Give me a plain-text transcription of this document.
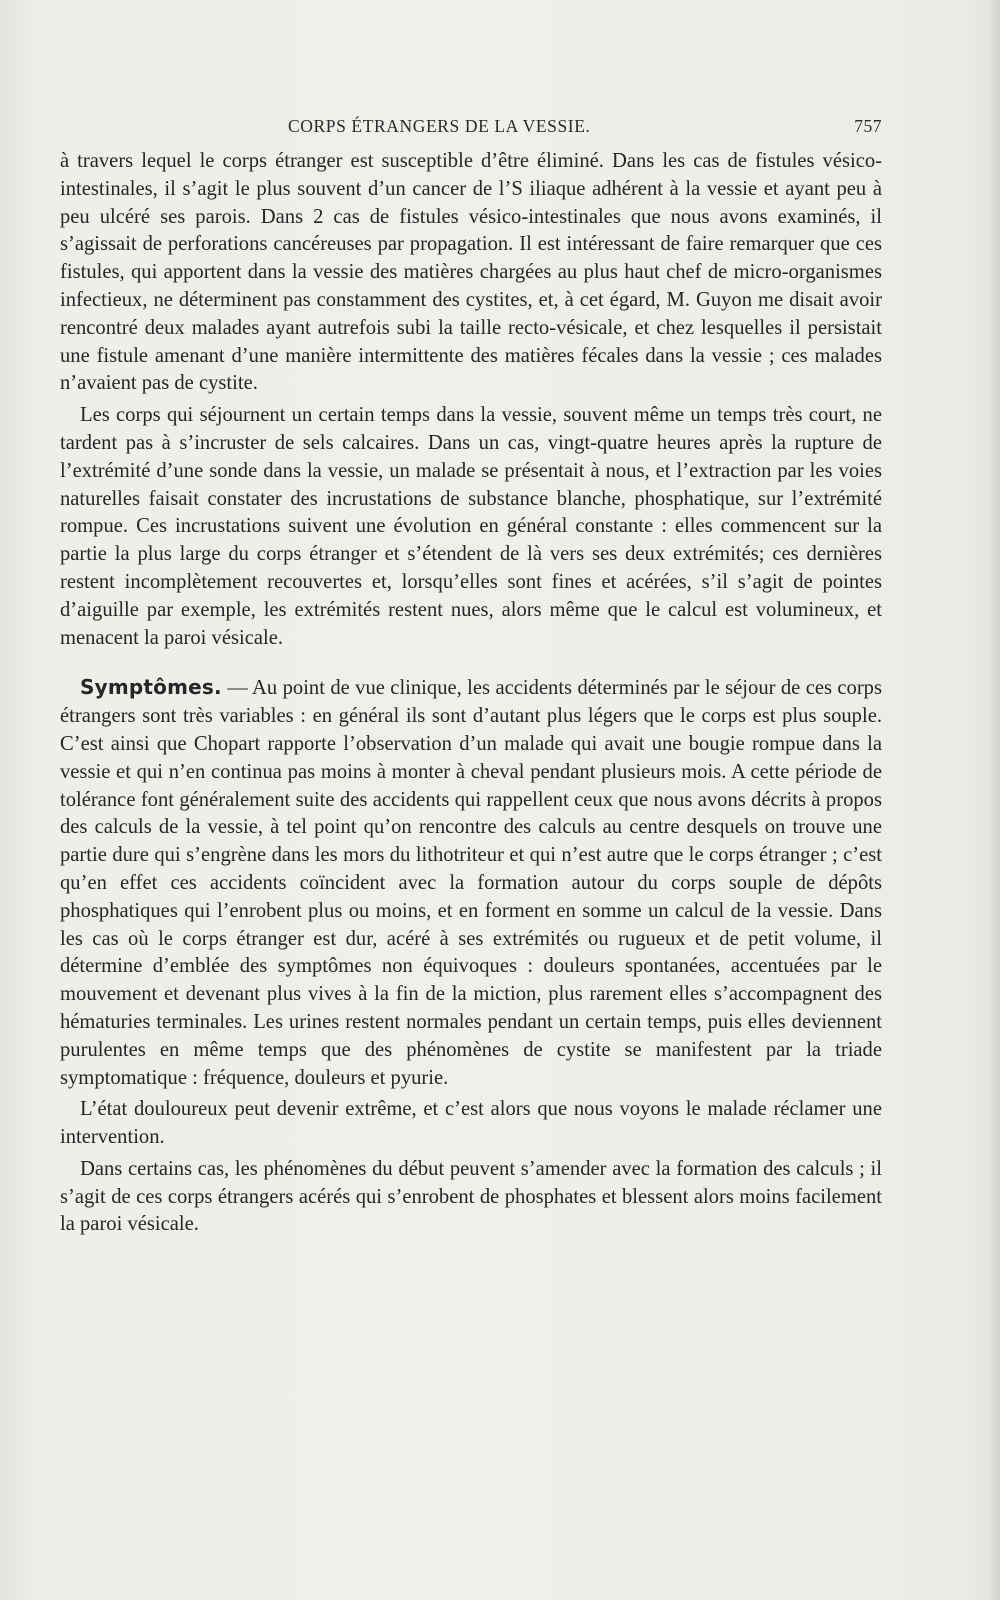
CORPS ÉTRANGERS DE LA VESSIE.	757

à travers lequel le corps étranger est susceptible d’être éliminé. Dans les cas de fistules vésico-intestinales, il s’agit le plus souvent d’un cancer de l’S iliaque adhérent à la vessie et ayant peu à peu ulcéré ses parois. Dans 2 cas de fistules vésico-intestinales que nous avons examinés, il s’agissait de perforations cancéreuses par propagation. Il est intéressant de faire remarquer que ces fistules, qui apportent dans la vessie des matières chargées au plus haut chef de micro-organismes infectieux, ne déterminent pas constamment des cystites, et, à cet égard, M. Guyon me disait avoir rencontré deux malades ayant autrefois subi la taille recto-vésicale, et chez lesquelles il persistait une fistule amenant d’une manière intermittente des matières fécales dans la vessie ; ces malades n’avaient pas de cystite.

Les corps qui séjournent un certain temps dans la vessie, souvent même un temps très court, ne tardent pas à s’incruster de sels calcaires. Dans un cas, vingt-quatre heures après la rupture de l’extrémité d’une sonde dans la vessie, un malade se présentait à nous, et l’extraction par les voies naturelles faisait constater des incrustations de substance blanche, phosphatique, sur l’extrémité rompue. Ces incrustations suivent une évolution en général constante : elles commencent sur la partie la plus large du corps étranger et s’étendent de là vers ses deux extrémités; ces dernières restent incomplètement recouvertes et, lorsqu’elles sont fines et acérées, s’il s’agit de pointes d’aiguille par exemple, les extrémités restent nues, alors même que le calcul est volumineux, et menacent la paroi vésicale.

Symptômes. — Au point de vue clinique, les accidents déterminés par le séjour de ces corps étrangers sont très variables : en général ils sont d’autant plus légers que le corps est plus souple. C’est ainsi que Chopart rapporte l’observation d’un malade qui avait une bougie rompue dans la vessie et qui n’en continua pas moins à monter à cheval pendant plusieurs mois. A cette période de tolérance font généralement suite des accidents qui rappellent ceux que nous avons décrits à propos des calculs de la vessie, à tel point qu’on rencontre des calculs au centre desquels on trouve une partie dure qui s’engrène dans les mors du lithotriteur et qui n’est autre que le corps étranger ; c’est qu’en effet ces accidents coïncident avec la formation autour du corps souple de dépôts phosphatiques qui l’enrobent plus ou moins, et en forment en somme un calcul de la vessie. Dans les cas où le corps étranger est dur, acéré à ses extrémités ou rugueux et de petit volume, il détermine d’emblée des symptômes non équivoques : douleurs spontanées, accentuées par le mouvement et devenant plus vives à la fin de la miction, plus rarement elles s’accompagnent des hématuries terminales. Les urines restent normales pendant un certain temps, puis elles deviennent purulentes en même temps que des phénomènes de cystite se manifestent par la triade symptomatique : fréquence, douleurs et pyurie.

L’état douloureux peut devenir extrême, et c’est alors que nous voyons le malade réclamer une intervention.

Dans certains cas, les phénomènes du début peuvent s’amender avec la formation des calculs ; il s’agit de ces corps étrangers acérés qui s’enrobent de phosphates et blessent alors moins facilement la paroi vésicale.
